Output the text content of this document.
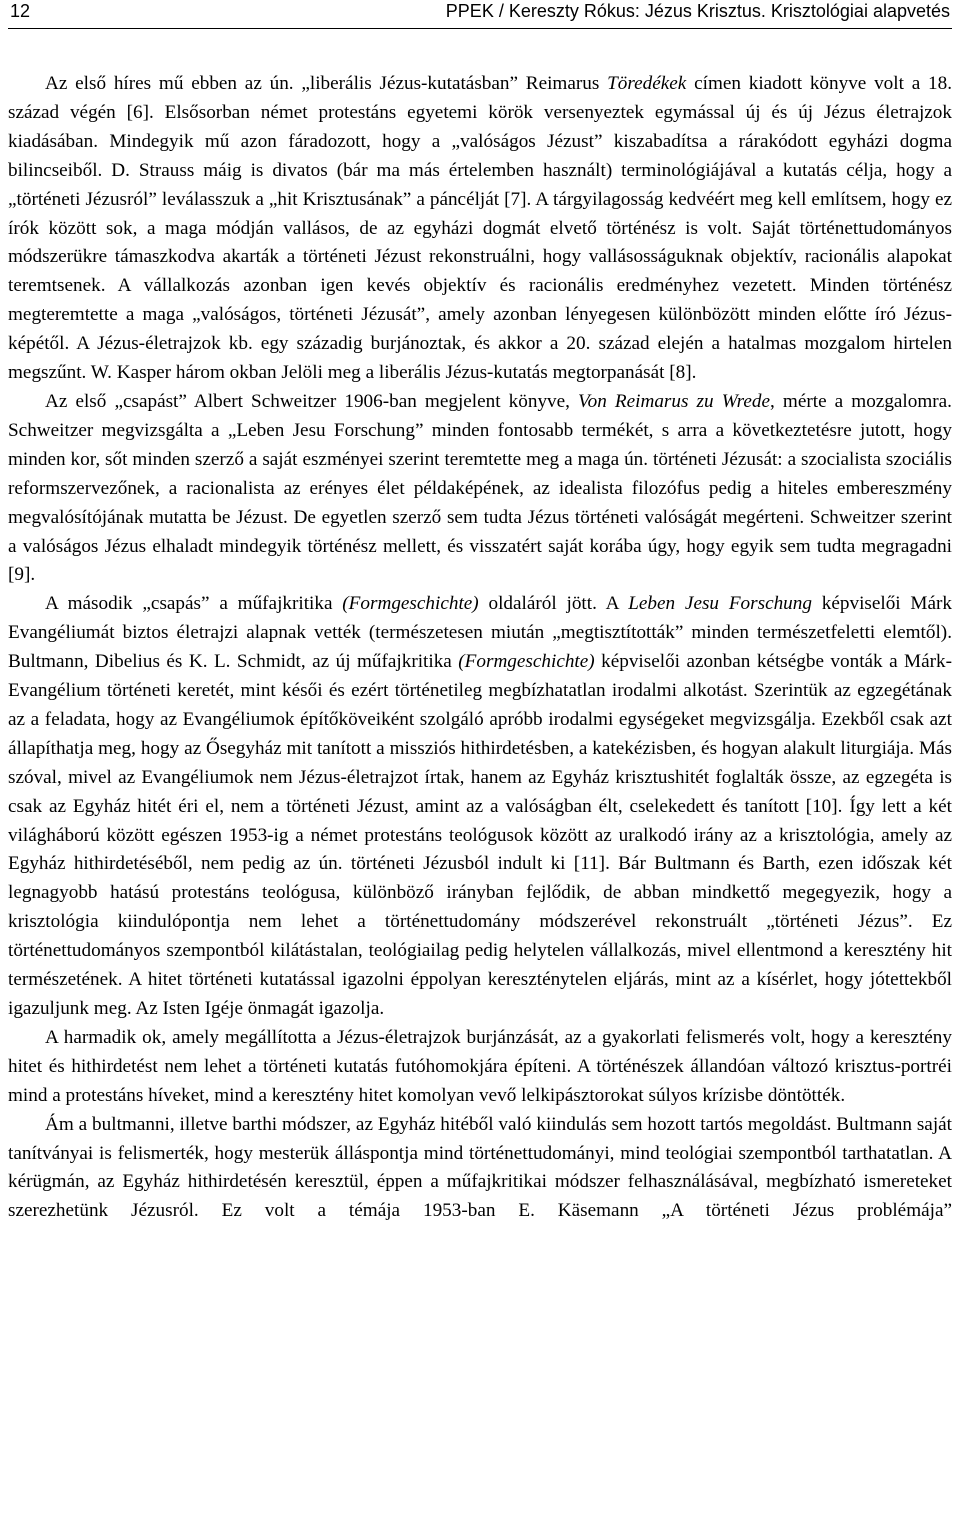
12	PPEK / Kereszty Rókus: Jézus Krisztus. Krisztológiai alapvetés

Az első híres mű ebben az ún. „liberális Jézus-kutatásban” Reimarus Töredékek címen kiadott könyve volt a 18. század végén [6]. Elsősorban német protestáns egyetemi körök versenyeztek egymással új és új Jézus életrajzok kiadásában. Mindegyik mű azon fáradozott, hogy a „valóságos Jézust” kiszabadítsa a rárakódott egyházi dogma bilincseiből. D. Strauss máig is divatos (bár ma más értelemben használt) terminológiájával a kutatás célja, hogy a „történeti Jézusról” leválasszuk a „hit Krisztusának” a páncélját [7]. A tárgyilagosság kedvéért meg kell említsem, hogy ez írók között sok, a maga módján vallásos, de az egyházi dogmát elvető történész is volt. Saját történettudományos módszerükre támaszkodva akarták a történeti Jézust rekonstruálni, hogy vallásosságuknak objektív, racionális alapokat teremtsenek. A vállalkozás azonban igen kevés objektív és racionális eredményhez vezetett. Minden történész megteremtette a maga „valóságos, történeti Jézusát”, amely azonban lényegesen különbözött minden előtte író Jézus-képétől. A Jézus-életrajzok kb. egy századig burjánoztak, és akkor a 20. század elején a hatalmas mozgalom hirtelen megszűnt. W. Kasper három okban Jelöli meg a liberális Jézus-kutatás megtorpanását [8].

Az első „csapást” Albert Schweitzer 1906-ban megjelent könyve, Von Reimarus zu Wrede, mérte a mozgalomra. Schweitzer megvizsgálta a „Leben Jesu Forschung” minden fontosabb termékét, s arra a következtetésre jutott, hogy minden kor, sőt minden szerző a saját eszményei szerint teremtette meg a maga ún. történeti Jézusát: a szocialista szociális reformszervezőnek, a racionalista az erényes élet példaképének, az idealista filozófus pedig a hiteles embereszmény megvalósítójának mutatta be Jézust. De egyetlen szerző sem tudta Jézus történeti valóságát megérteni. Schweitzer szerint a valóságos Jézus elhaladt mindegyik történész mellett, és visszatért saját korába úgy, hogy egyik sem tudta megragadni [9].

A második „csapás” a műfajkritika (Formgeschichte) oldaláról jött. A Leben Jesu Forschung képviselői Márk Evangéliumát biztos életrajzi alapnak vették (természetesen miután „megtisztították” minden természetfeletti elemtől). Bultmann, Dibelius és K. L. Schmidt, az új műfajkritika (Formgeschichte) képviselői azonban kétségbe vonták a Márk-Evangélium történeti keretét, mint késői és ezért történetileg megbízhatatlan irodalmi alkotást. Szerintük az egzegétának az a feladata, hogy az Evangéliumok építőköveiként szolgáló apróbb irodalmi egységeket megvizsgálja. Ezekből csak azt állapíthatja meg, hogy az Ősegyház mit tanított a missziós hithirdetésben, a katekézisben, és hogyan alakult liturgiája. Más szóval, mivel az Evangéliumok nem Jézus-életrajzot írtak, hanem az Egyház krisztushitét foglalták össze, az egzegéta is csak az Egyház hitét éri el, nem a történeti Jézust, amint az a valóságban élt, cselekedett és tanított [10]. Így lett a két világháború között egészen 1953-ig a német protestáns teológusok között az uralkodó irány az a krisztológia, amely az Egyház hithirdetéséből, nem pedig az ún. történeti Jézusból indult ki [11]. Bár Bultmann és Barth, ezen időszak két legnagyobb hatású protestáns teológusa, különböző irányban fejlődik, de abban mindkettő megegyezik, hogy a krisztológia kiindulópontja nem lehet a történettudomány módszerével rekonstruált „történeti Jézus”. Ez történettudományos szempontból kilátástalan, teológiailag pedig helytelen vállalkozás, mivel ellentmond a keresztény hit természetének. A hitet történeti kutatással igazolni éppolyan kereszténytelen eljárás, mint az a kísérlet, hogy jótettekből igazuljunk meg. Az Isten Igéje önmagát igazolja.

A harmadik ok, amely megállította a Jézus-életrajzok burjánzását, az a gyakorlati felismerés volt, hogy a keresztény hitet és hithirdetést nem lehet a történeti kutatás futóhomokjára építeni. A történészek állandóan változó krisztus-portréi mind a protestáns híveket, mind a keresztény hitet komolyan vevő lelkipásztorokat súlyos krízisbe döntötték.

Ám a bultmanni, illetve barthi módszer, az Egyház hitéből való kiindulás sem hozott tartós megoldást. Bultmann saját tanítványai is felismerték, hogy mesterük álláspontja mind történettudományi, mind teológiai szempontból tarthatatlan. A kérügmán, az Egyház hithirdetésén keresztül, éppen a műfajkritikai módszer felhasználásával, megbízható ismereteket szerezhetünk Jézusról. Ez volt a témája 1953-ban E. Käsemann „A történeti Jézus problémája”
